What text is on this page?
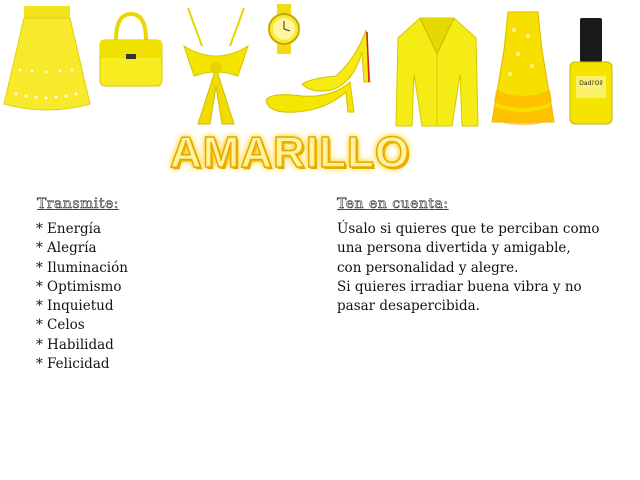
Dadi'Oil
AMARILLO
Transmite:	Ten en cuenta:
* Energía
* Alegría
* Iluminación
* Optimismo
* Inquietud
* Celos
* Habilidad
* Felicidad
Úsalo si quieres que te perciban como
una persona divertida y amigable,
con personalidad y alegre.
Si quieres irradiar buena vibra y no
pasar desapercibida.
